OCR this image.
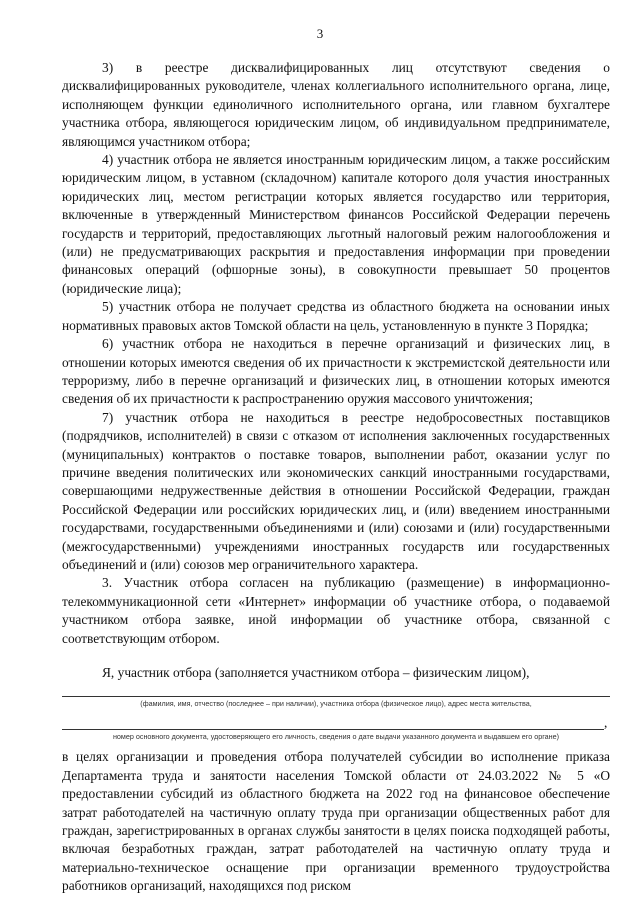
3

3) в реестре дисквалифицированных лиц отсутствуют сведения о дисквалифицированных руководителе, членах коллегиального исполнительного органа, лице, исполняющем функции единоличного исполнительного органа, или главном бухгалтере участника отбора, являющегося юридическим лицом, об индивидуальном предпринимателе, являющимся участником отбора;

4) участник отбора не является иностранным юридическим лицом, а также российским юридическим лицом, в уставном (складочном) капитале которого доля участия иностранных юридических лиц, местом регистрации которых является государство или территория, включенные в утвержденный Министерством финансов Российской Федерации перечень государств и территорий, предоставляющих льготный налоговый режим налогообложения и (или) не предусматривающих раскрытия и предоставления информации при проведении финансовых операций (офшорные зоны), в совокупности превышает 50 процентов (юридические лица);

5) участник отбора не получает средства из областного бюджета на основании иных нормативных правовых актов Томской области на цель, установленную в пункте 3 Порядка;

6) участник отбора не находиться в перечне организаций и физических лиц, в отношении которых имеются сведения об их причастности к экстремистской деятельности или терроризму, либо в перечне организаций и физических лиц, в отношении которых имеются сведения об их причастности к распространению оружия массового уничтожения;

7) участник отбора не находиться в реестре недобросовестных поставщиков (подрядчиков, исполнителей) в связи с отказом от исполнения заключенных государственных (муниципальных) контрактов о поставке товаров, выполнении работ, оказании услуг по причине введения политических или экономических санкций иностранными государствами, совершающими недружественные действия в отношении Российской Федерации, граждан Российской Федерации или российских юридических лиц, и (или) введением иностранными государствами, государственными объединениями и (или) союзами и (или) государственными (межгосударственными) учреждениями иностранных государств или государственных объединений и (или) союзов мер ограничительного характера.

3. Участник отбора согласен на публикацию (размещение) в информационно-телекоммуникационной сети «Интернет» информации об участнике отбора, о подаваемой участником отбора заявке, иной информации об участнике отбора, связанной с соответствующим отбором.

Я, участник отбора (заполняется участником отбора – физическим лицом),

(фамилия, имя, отчество (последнее – при наличии), участника отбора (физическое лицо), адрес места жительства,
,
номер основного документа, удостоверяющего его личность, сведения о дате выдачи указанного документа и выдавшем его органе)

в целях организации и проведения отбора получателей субсидии во исполнение приказа Департамента труда и занятости населения Томской области от 24.03.2022 № 5 «О предоставлении субсидий из областного бюджета на 2022 год на финансовое обеспечение затрат работодателей на частичную оплату труда при организации общественных работ для граждан, зарегистрированных в органах службы занятости в целях поиска подходящей работы, включая безработных граждан, затрат работодателей на частичную оплату труда и материально-техническое оснащение при организации временного трудоустройства работников организаций, находящихся под риском
